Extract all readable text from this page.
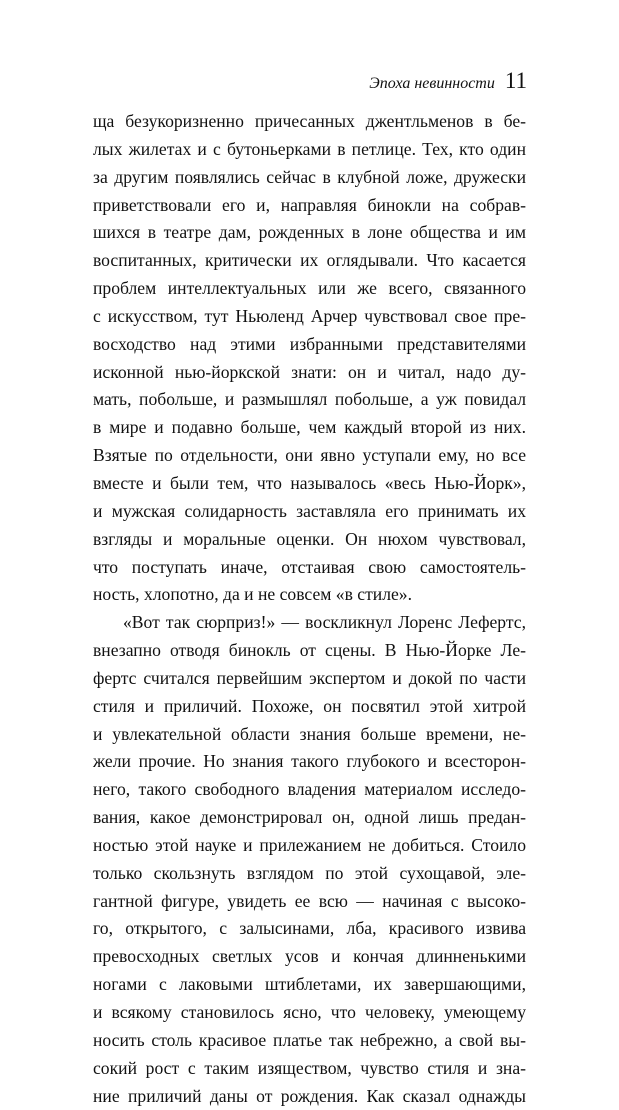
Эпоха невинности 11
ща безукоризненно причесанных джентльменов в бе-
лых жилетах и с бутоньерками в петлице. Тех, кто один
за другим появлялись сейчас в клубной ложе, дружески
приветствовали его и, направляя бинокли на собрав-
шихся в театре дам, рожденных в лоне общества и им
воспитанных, критически их оглядывали. Что касается
проблем интеллектуальных или же всего, связанного
с искусством, тут Ньюленд Арчер чувствовал свое пре-
восходство над этими избранными представителями
исконной нью-йоркской знати: он и читал, надо ду-
мать, побольше, и размышлял побольше, а уж повидал
в мире и подавно больше, чем каждый второй из них.
Взятые по отдельности, они явно уступали ему, но все
вместе и были тем, что называлось «весь Нью-Йорк»,
и мужская солидарность заставляла его принимать их
взгляды и моральные оценки. Он нюхом чувствовал,
что поступать иначе, отстаивая свою самостоятель-
ность, хлопотно, да и не совсем «в стиле».
«Вот так сюрприз!» — воскликнул Лоренс Лефертс,
внезапно отводя бинокль от сцены. В Нью-Йорке Ле-
фертс считался первейшим экспертом и докой по части
стиля и приличий. Похоже, он посвятил этой хитрой
и увлекательной области знания больше времени, не-
жели прочие. Но знания такого глубокого и всесторон-
него, такого свободного владения материалом исследо-
вания, какое демонстрировал он, одной лишь предан-
ностью этой науке и прилежанием не добиться. Стоило
только скользнуть взглядом по этой сухощавой, эле-
гантной фигуре, увидеть ее всю — начиная с высоко-
го, открытого, с залысинами, лба, красивого извива
превосходных светлых усов и кончая длинненькими
ногами с лаковыми штиблетами, их завершающими,
и всякому становилось ясно, что человеку, умеющему
носить столь красивое платье так небрежно, а свой вы-
сокий рост с таким изяществом, чувство стиля и зна-
ние приличий даны от рождения. Как сказал однажды
